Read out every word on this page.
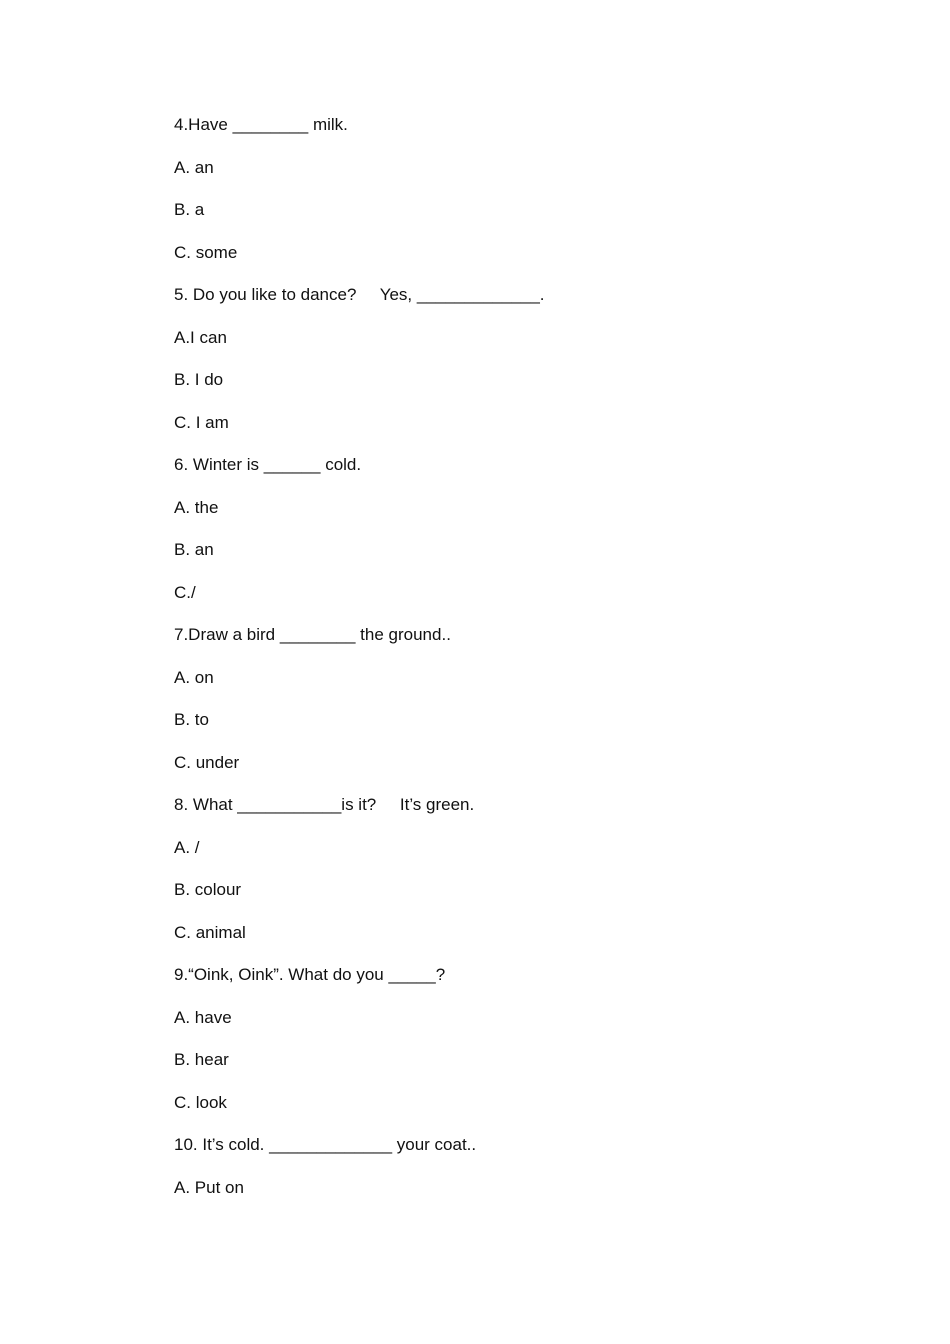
4.Have ________ milk.
A. an
B. a
C. some
5. Do you like to dance?     Yes, _____________.
A.I can
B. I do
C. I am
6. Winter is ______ cold.
A. the
B. an
C./
7.Draw a bird ________ the ground..
A. on
B. to
C. under
8. What ___________is it?     It’s green.
A. /
B. colour
C. animal
9.“Oink, Oink”. What do you _____?
A. have
B. hear
C. look
10. It’s cold. _____________ your coat..
A. Put on
